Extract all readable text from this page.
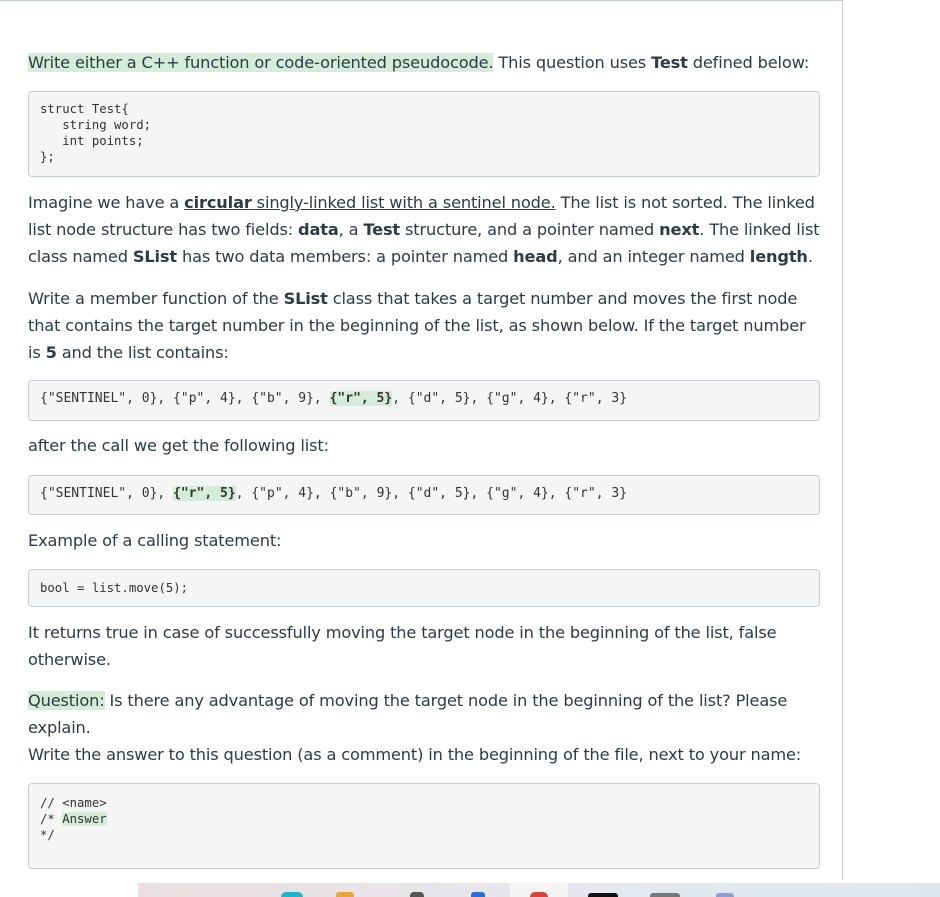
Write either a C++ function or code-oriented pseudocode. This question uses Test defined below:

struct Test{
string word;
int points;
};

Imagine we have a circular singly-linked list with a sentinel node. The list is not sorted. The linked list node structure has two fields: data, a Test structure, and a pointer named next. The linked list class named SList has two data members: a pointer named head, and an integer named length.

Write a member function of the SList class that takes a target number and moves the first node that contains the target number in the beginning of the list, as shown below. If the target number is 5 and the list contains:

{"SENTINEL", 0}, {"p", 4}, {"b", 9}, {"r", 5}, {"d", 5}, {"g", 4}, {"r", 3}

after the call we get the following list:

{"SENTINEL", 0}, {"r", 5}, {"p", 4}, {"b", 9}, {"d", 5}, {"g", 4}, {"r", 3}

Example of a calling statement:

bool = list.move(5);

It returns true in case of successfully moving the target node in the beginning of the list, false otherwise.

Question: Is there any advantage of moving the target node in the beginning of the list? Please explain.

Write the answer to this question (as a comment) in the beginning of the file, next to your name:

// <name>
/* Answer
*/
